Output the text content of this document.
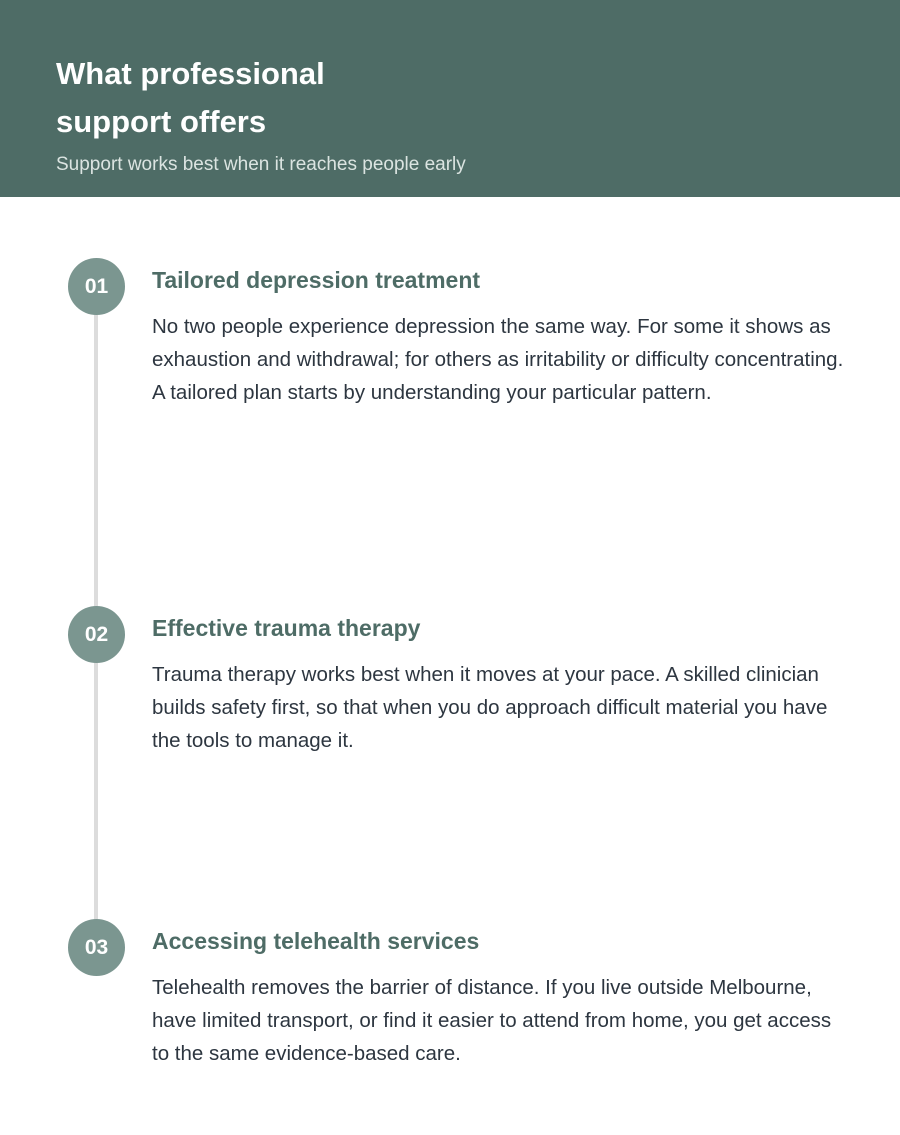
What professional support offers

Support works best when it reaches people early

01	Tailored depression treatment

No two people experience depression the same way. For some it shows as exhaustion and withdrawal; for others as irritability or difficulty concentrating. A tailored plan starts by understanding your particular pattern.

02	Effective trauma therapy

Trauma therapy works best when it moves at your pace. A skilled clinician builds safety first, so that when you do approach difficult material you have the tools to manage it.

03	Accessing telehealth services

Telehealth removes the barrier of distance. If you live outside Melbourne, have limited transport, or find it easier to attend from home, you get access to the same evidence-based care.
